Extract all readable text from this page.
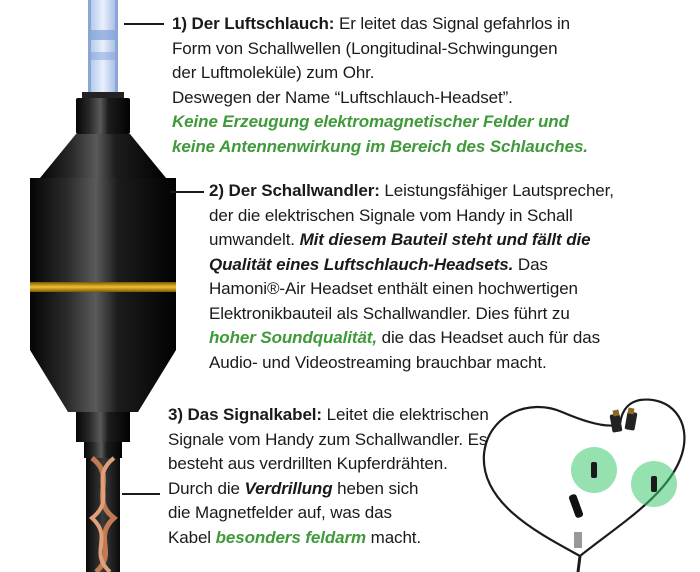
1) Der Luftschlauch: Er leitet das Signal gefahrlos in
Form von Schallwellen (Longitudinal-Schwingungen
der Luftmoleküle) zum Ohr.
Deswegen der Name “Luftschlauch-Headset”.
Keine Erzeugung elektromagnetischer Felder und
keine Antennenwirkung im Bereich des Schlauches.
2) Der Schallwandler: Leistungsfähiger Lautsprecher,
der die elektrischen Signale vom Handy in Schall
umwandelt. Mit diesem Bauteil steht und fällt die
Qualität eines Luftschlauch-Headsets. Das
Hamoni®-Air Headset enthält einen hochwertigen
Elektronikbauteil als Schallwandler. Dies führt zu
hoher Soundqualität, die das Headset auch für das
Audio- und Videostreaming brauchbar macht.
3) Das Signalkabel: Leitet die elektrischen
Signale vom Handy zum Schallwandler. Es
besteht aus verdrillten Kupferdrähten.
Durch die Verdrillung heben sich
die Magnetfelder auf, was das
Kabel besonders feldarm macht.
